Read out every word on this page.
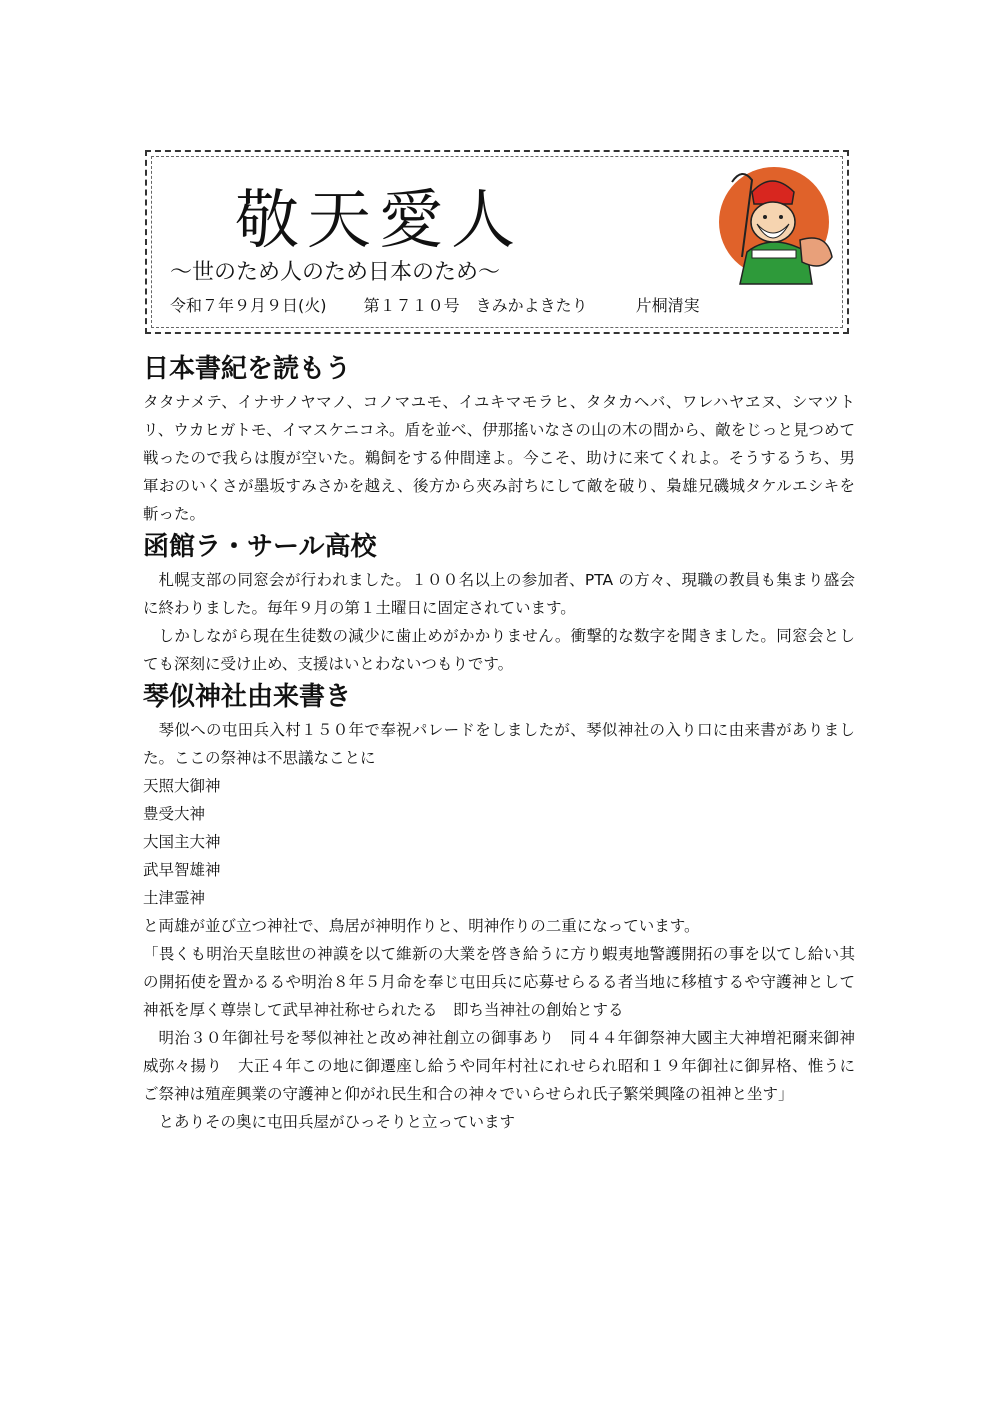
敬天愛人
～世のため人のため日本のため～
令和７年９月９日(火)　　 第１７１０号　 きみかよきたり　　　	片桐清実
日本書紀を読もう

タタナメテ、イナサノヤマノ、コノマユモ、イユキマモラヒ、タタカヘバ、ワレハヤヱヌ、シマツトリ、ウカヒガトモ、イマスケニコネ。盾を並べ、伊那搖いなさの山の木の間から、敵をじっと見つめて戦ったので我らは腹が空いた。鵜飼をする仲間達よ。今こそ、助けに来てくれよ。そうするうち、男軍おのいくさが墨坂すみさかを越え、後方から夾み討ちにして敵を破り、梟雄兄磯城タケルエシキを斬った。

函館ラ・サール高校

札幌支部の同窓会が行われました。１００名以上の参加者、PTA の方々、現職の教員も集まり盛会に終わりました。毎年９月の第１土曜日に固定されています。

しかしながら現在生徒数の減少に歯止めがかかりません。衝撃的な数字を聞きました。同窓会としても深刻に受け止め、支援はいとわないつもりです。

琴似神社由来書き

琴似への屯田兵入村１５０年で奉祝パレードをしましたが、琴似神社の入り口に由来書がありました。ここの祭神は不思議なことに

天照大御神
豊受大神
大国主大神
武早智雄神
土津霊神

と両雄が並び立つ神社で、鳥居が神明作りと、明神作りの二重になっています。

「畏くも明治天皇眩世の神謨を以て維新の大業を啓き給うに方り蝦夷地警護開拓の事を以てし給い其の開拓使を置かるるや明治８年５月命を奉じ屯田兵に応募せらるる者当地に移植するや守護神として神祇を厚く尊崇して武早神社称せられたる　即ち当神社の創始とする

明治３０年御社号を琴似神社と改め神社創立の御事あり　同４４年御祭神大國主大神増祀爾来御神威弥々揚り　大正４年この地に御遷座し給うや同年村社にれせられ昭和１９年御社に御昇格、惟うにご祭神は殖産興業の守護神と仰がれ民生和合の神々でいらせられ氏子繁栄興隆の祖神と坐す」

とありその奥に屯田兵屋がひっそりと立っています
